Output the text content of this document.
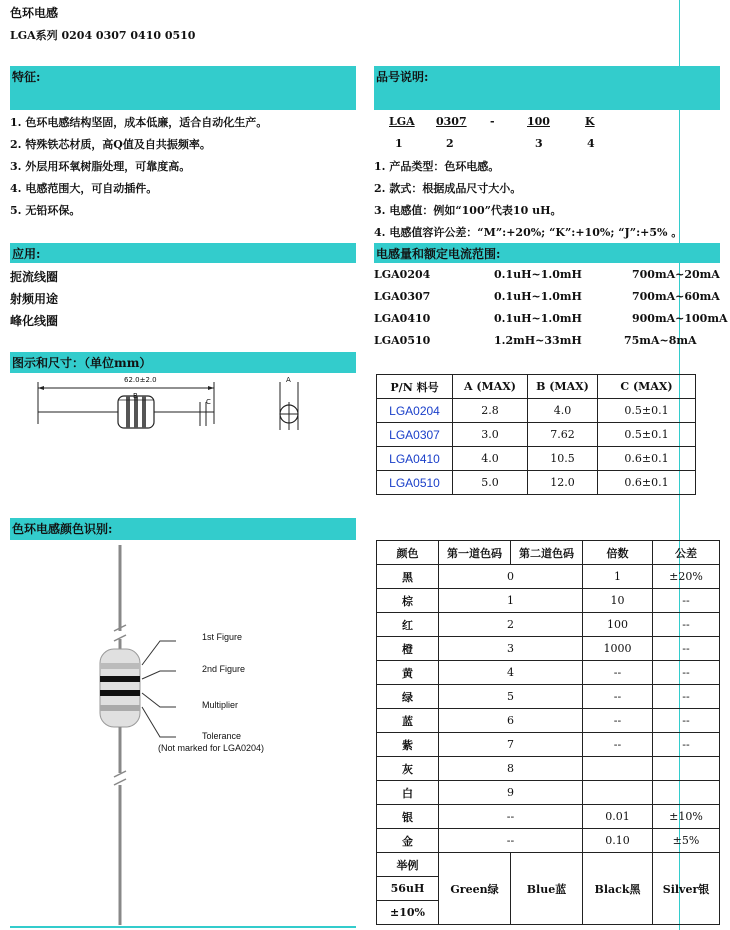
色环电感
LGA系列 0204 0307 0410 0510
特征:
1. 色环电感结构坚固，成本低廉，适合自动化生产。
2. 特殊铁芯材质，高Q值及自共振频率。
3. 外层用环氧树脂处理，可靠度高。
4. 电感范围大，可自动插件。
5. 无铅环保。
品号说明:
LGA 0307 -	100	K
1	2	3	4
1. 产品类型：色环电感。
2. 款式：根据成品尺寸大小。
3. 电感值：例如“100”代表10 uH。
4. 电感值容许公差：“M”:+20%; “K”:+10%; “J”:+5% 。
应用:
扼流线圈
射频用途
峰化线圈
电感量和额定电流范围:
LGA0204	0.1uH~1.0mH	700mA~20mA
LGA0307	0.1uH~1.0mH	700mA~60mA
LGA0410	0.1uH~1.0mH	900mA~100mA
LGA0510	1.2mH~33mH	75mA~8mA
图示和尺寸：（单位mm）
62.0±2.0
B
C
A
P/N 料号	A (MAX)	B (MAX)	C (MAX)
LGA0204	2.8	4.0	0.5±0.1
LGA0307	3.0	7.62	0.5±0.1
LGA0410	4.0	10.5	0.6±0.1
LGA0510	5.0	12.0	0.6±0.1
色环电感颜色识别:
1st Figure
2nd Figure
Multiplier
Tolerance
(Not marked for LGA0204)
颜色	第一道色码	第二道色码	倍数	公差
黑	0		1	±20%
棕	1		10	--
红	2		100	--
橙	3		1000	--
黄	4		--	--
绿	5		--	--
蓝	6		--	--
紫	7		--	--
灰	8			
白	9			
银	--		0.01	±10%
金	--		0.10	±5%
举例	Green绿	Blue蓝	Black黑	Silver银
56uH				
±10%				
